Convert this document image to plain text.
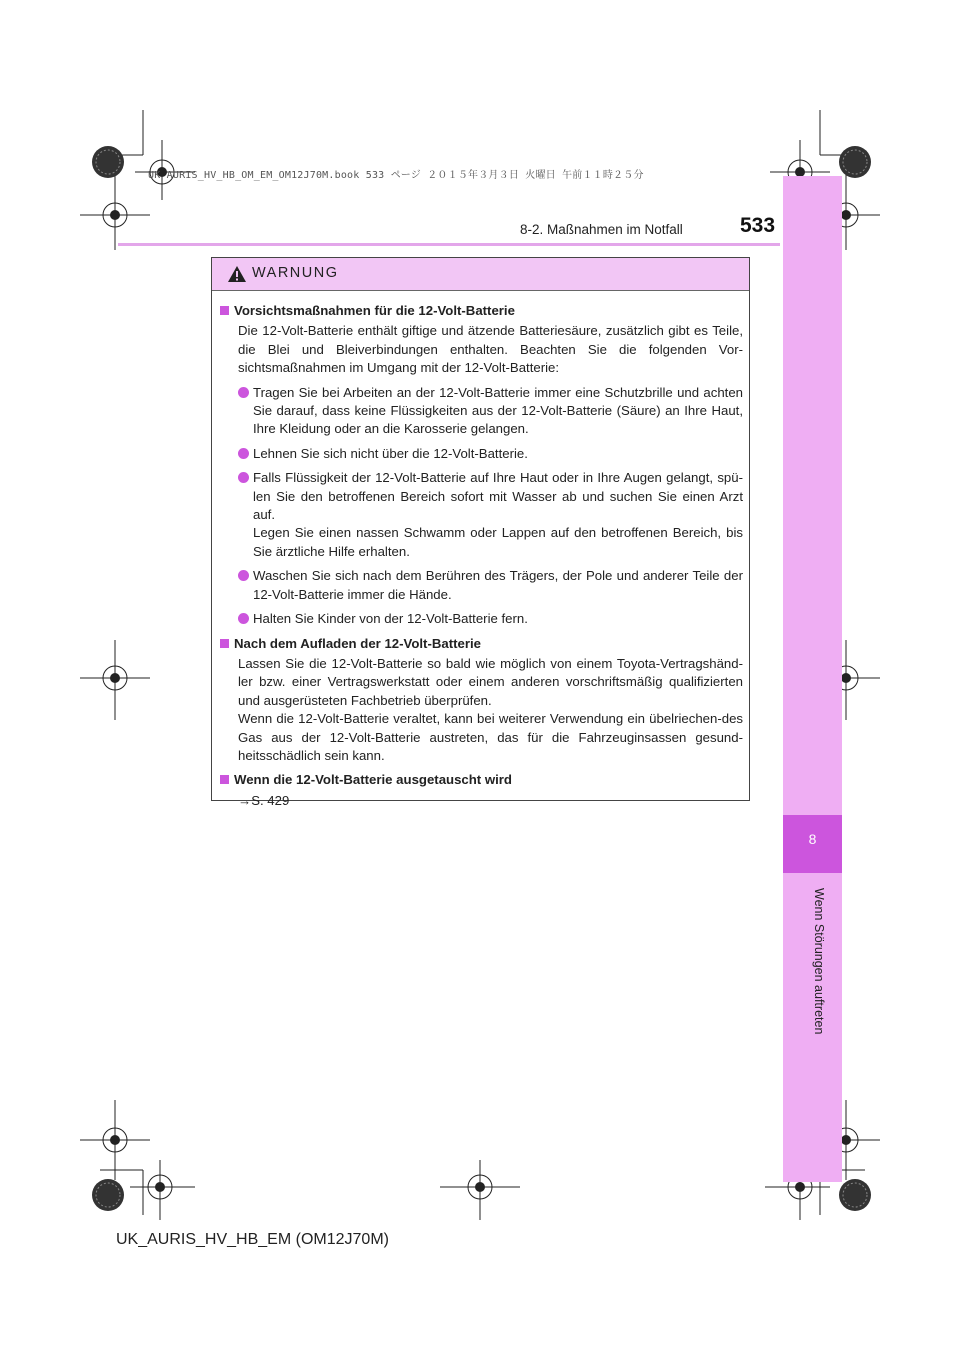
8
Wenn Störungen auftreten
UK AURIS_HV_HB_OM_EM_OM12J70M.book 533 ページ ２０１５年３月３日 火曜日 午前１１時２５分
8-2. Maßnahmen im Notfall	533
WARNUNG
Vorsichtsmaßnahmen für die 12-Volt-Batterie
Die 12-Volt-Batterie enthält giftige und ätzende Batteriesäure, zusätzlich gibt es Teile, die Blei und Bleiverbindungen enthalten. Beachten Sie die folgenden Vor-sichtsmaßnahmen im Umgang mit der 12-Volt-Batterie:
Tragen Sie bei Arbeiten an der 12-Volt-Batterie immer eine Schutzbrille und achten Sie darauf, dass keine Flüssigkeiten aus der 12-Volt-Batterie (Säure) an Ihre Haut, Ihre Kleidung oder an die Karosserie gelangen.
Lehnen Sie sich nicht über die 12-Volt-Batterie.
Falls Flüssigkeit der 12-Volt-Batterie auf Ihre Haut oder in Ihre Augen gelangt, spü-len Sie den betroffenen Bereich sofort mit Wasser ab und suchen Sie einen Arzt auf.
Legen Sie einen nassen Schwamm oder Lappen auf den betroffenen Bereich, bis Sie ärztliche Hilfe erhalten.
Waschen Sie sich nach dem Berühren des Trägers, der Pole und anderer Teile der 12-Volt-Batterie immer die Hände.
Halten Sie Kinder von der 12-Volt-Batterie fern.
Nach dem Aufladen der 12-Volt-Batterie
Lassen Sie die 12-Volt-Batterie so bald wie möglich von einem Toyota-Vertragshänd-ler bzw. einer Vertragswerkstatt oder einem anderen vorschriftsmäßig qualifizierten und ausgerüsteten Fachbetrieb überprüfen.
Wenn die 12-Volt-Batterie veraltet, kann bei weiterer Verwendung ein übelriechen-des Gas aus der 12-Volt-Batterie austreten, das für die Fahrzeuginsassen gesund-heitsschädlich sein kann.
Wenn die 12-Volt-Batterie ausgetauscht wird
→S. 429
UK_AURIS_HV_HB_EM (OM12J70M)
